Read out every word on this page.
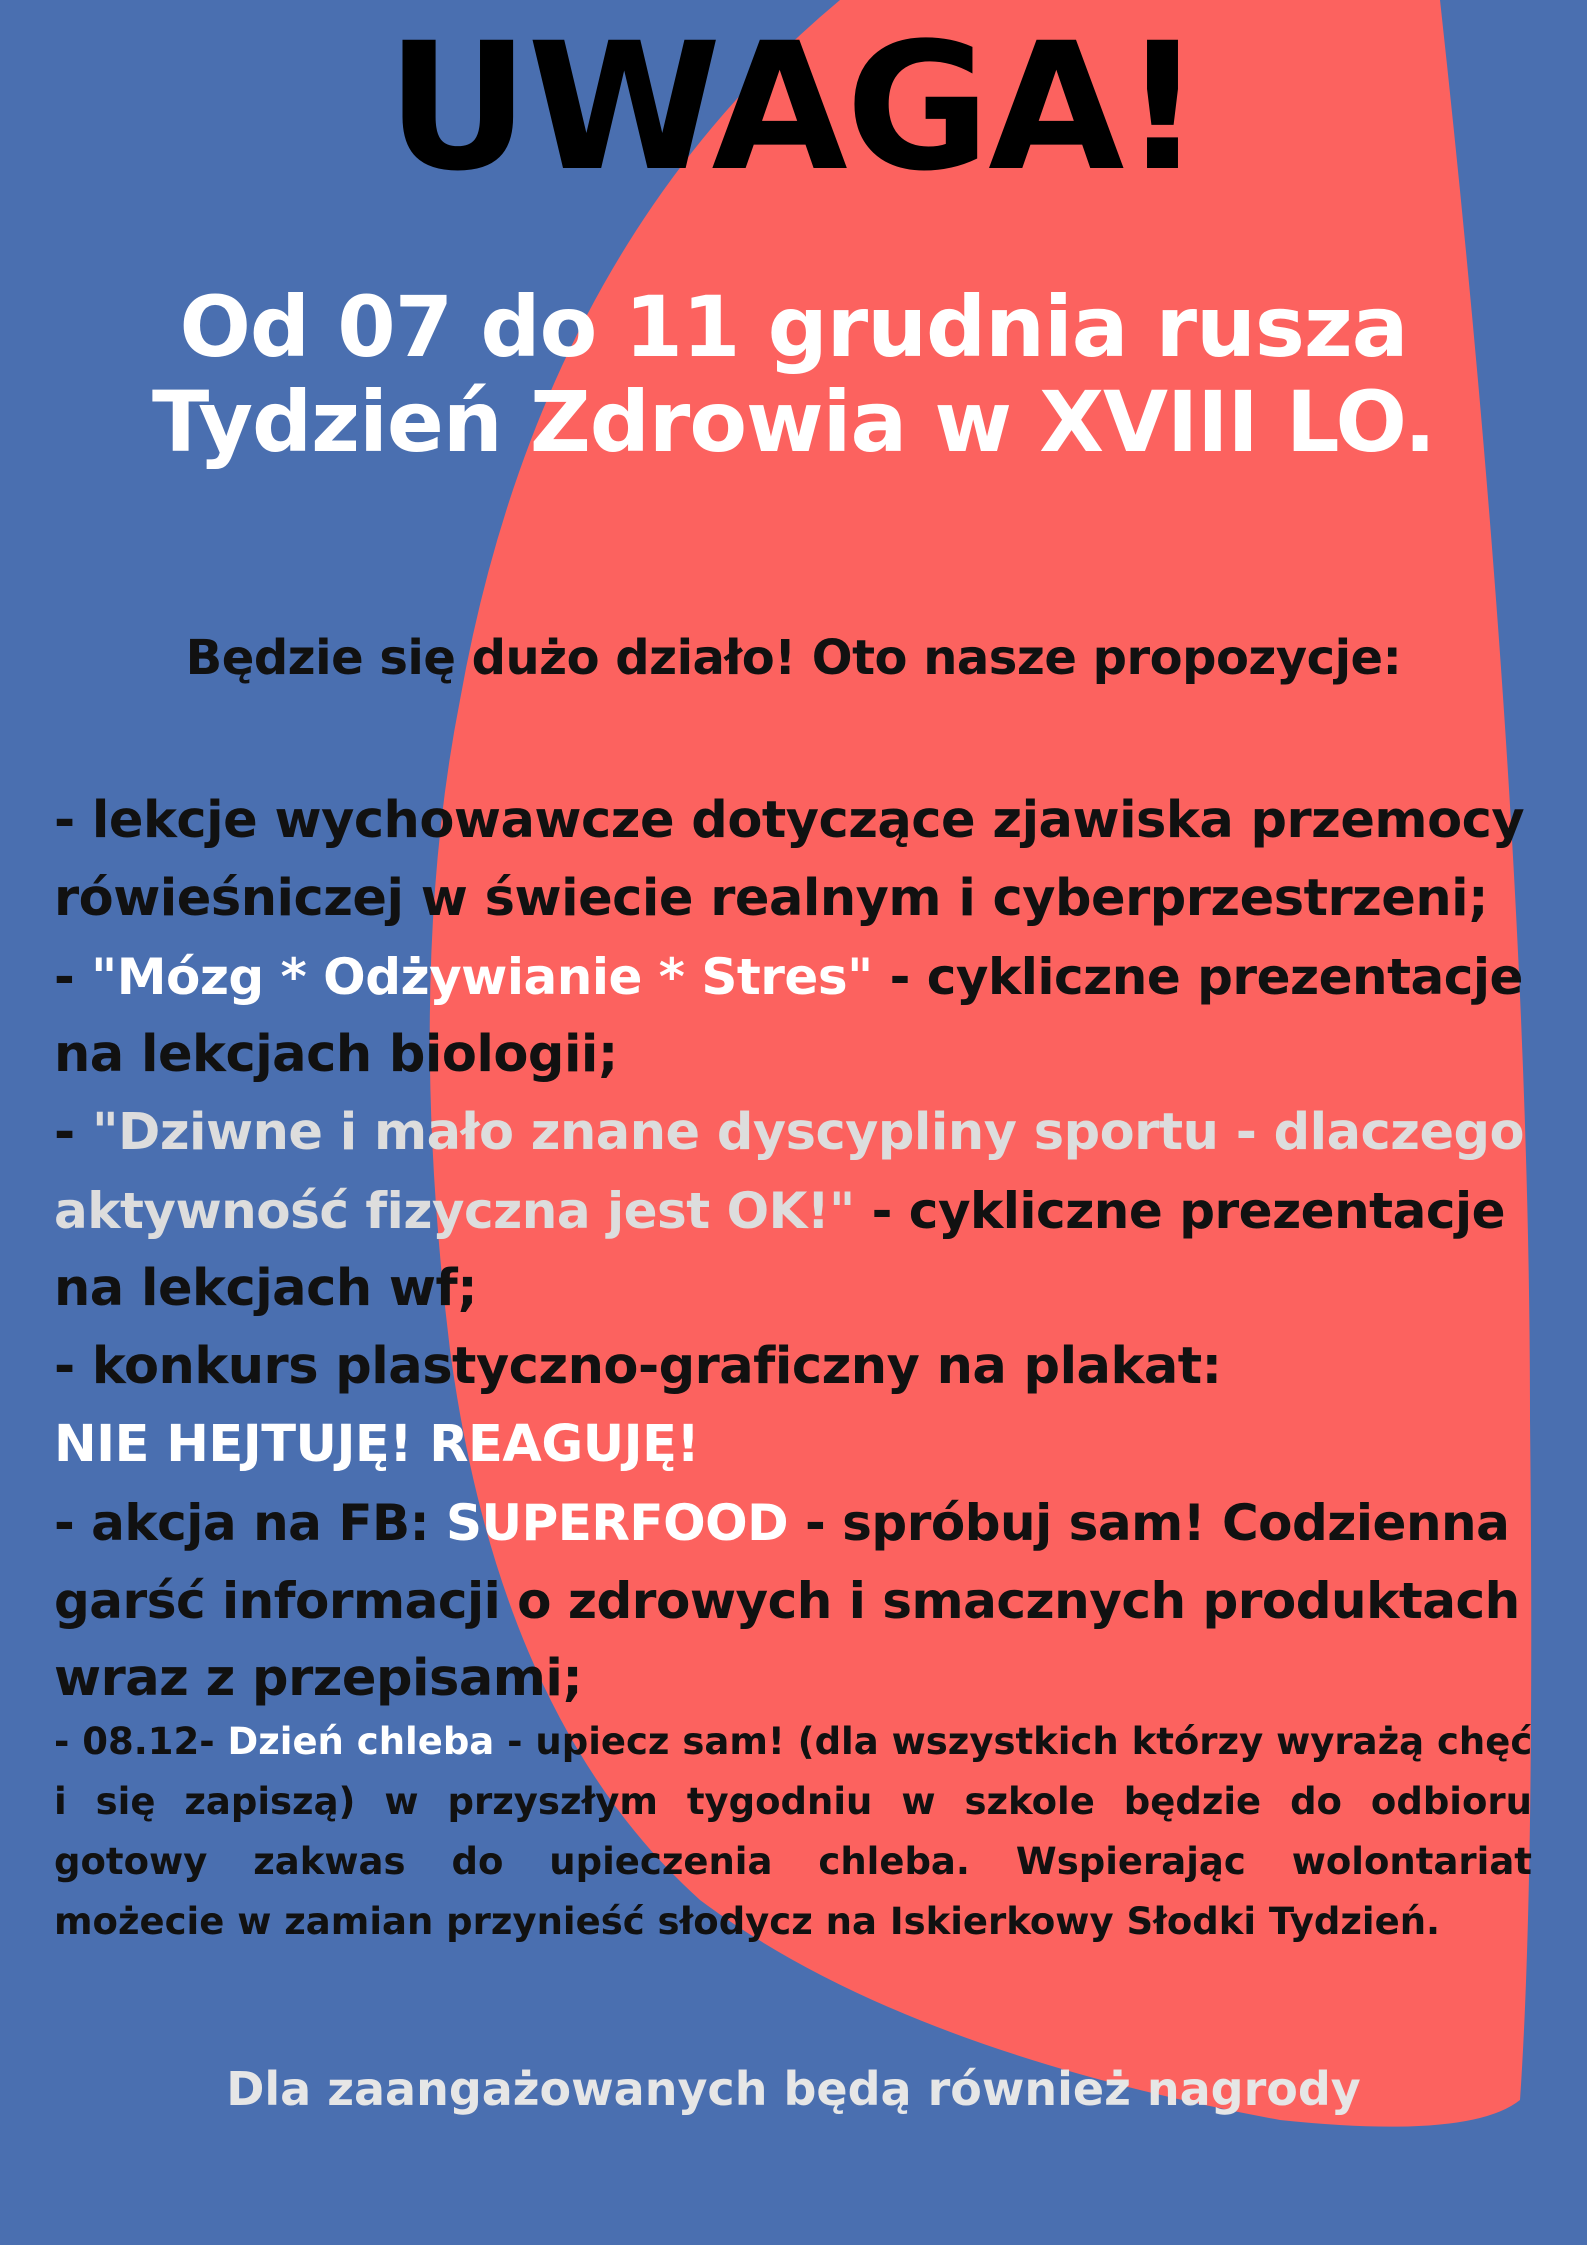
UWAGA!
Od 07 do 11 grudnia rusza
Tydzień Zdrowia w XVIII LO.
Będzie się dużo działo! Oto nasze propozycje:
- lekcje wychowawcze dotyczące zjawiska przemocy
rówieśniczej w świecie realnym i cyberprzestrzeni;
- "Mózg * Odżywianie * Stres" - cykliczne prezentacje
na lekcjach biologii;
- "Dziwne i mało znane dyscypliny sportu - dlaczego
aktywność fizyczna jest OK!" - cykliczne prezentacje
na lekcjach wf;
- konkurs plastyczno-graficzny na plakat:
NIE HEJTUJĘ! REAGUJĘ!
- akcja na FB: SUPERFOOD - spróbuj sam! Codzienna
garść informacji o zdrowych i smacznych produktach
wraz z przepisami;
- 08.12- Dzień chleba - upiecz sam! (dla wszystkich którzy wyrażą chęć
i się zapiszą) w przyszłym tygodniu w szkole będzie do odbioru
gotowy zakwas do upieczenia chleba. Wspierając wolontariat
możecie w zamian przynieść słodycz na Iskierkowy Słodki Tydzień.
Dla zaangażowanych będą również nagrody
